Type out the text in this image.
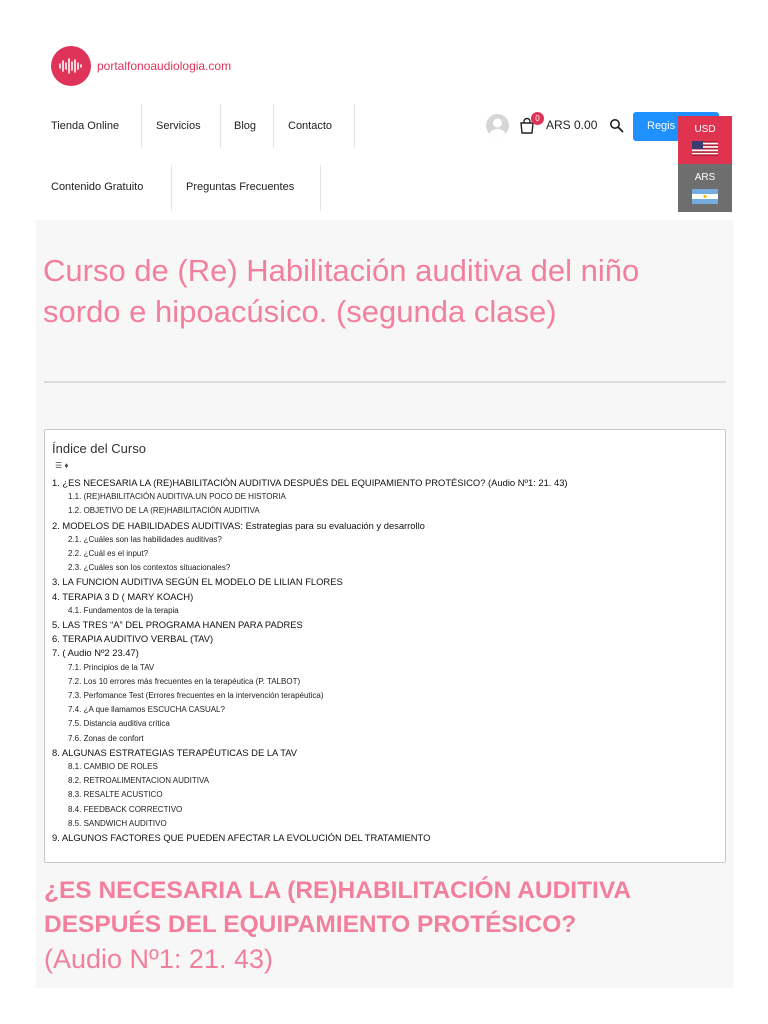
portalfonoaudiologia.com
Tienda Online	Servicios	Blog	Contacto
Contenido Gratuito	Preguntas Frecuentes
0 ARS 0.00	Regis	USD
ARS
Curso de (Re) Habilitación auditiva del niño sordo e hipoacúsico. (segunda clase)
Índice del Curso
☰ ♦
1. ¿ES NECESARIA LA (RE)HABILITACIÓN AUDITIVA DESPUÉS DEL EQUIPAMIENTO PROTÉSICO? (Audio Nº1: 21. 43)
1.1. (RE)HABILITACIÓN AUDITIVA.UN POCO DE HISTORIA
1.2. OBJETIVO DE LA (RE)HABILITACIÓN AUDITIVA
2. MODELOS DE HABILIDADES AUDITIVAS: Estrategias para su evaluación y desarrollo
2.1. ¿Cuáles son las habilidades auditivas?
2.2. ¿Cuál es el input?
2.3. ¿Cuáles son los contextos situacionales?
3. LA FUNCION AUDITIVA SEGÚN EL MODELO DE LILIAN FLORES
4. TERAPIA 3 D ( MARY KOACH)
4.1. Fundamentos de la terapia
5. LAS TRES “A” DEL PROGRAMA HANEN PARA PADRES
6. TERAPIA AUDITIVO VERBAL (TAV)
7. ( Audio Nº2 23.47)
7.1. Principios de la TAV
7.2. Los 10 errores más frecuentes en la terapéutica (P. TALBOT)
7.3. Perfomance Test (Errores frecuentes en la intervención terapéutica)
7.4. ¿A que llamamos ESCUCHA CASUAL?
7.5. Distancia auditiva crítica
7.6. Zonas de confort
8. ALGUNAS ESTRATEGIAS TERAPÉUTICAS DE LA TAV
8.1. CAMBIO DE ROLES
8.2. RETROALIMENTACION AUDITIVA
8.3. RESALTE ACUSTICO
8.4. FEEDBACK CORRECTIVO
8.5. SANDWICH AUDITIVO
9. ALGUNOS FACTORES QUE PUEDEN AFECTAR LA EVOLUCIÓN DEL TRATAMIENTO
¿ES NECESARIA LA (RE)HABILITACIÓN AUDITIVA DESPUÉS DEL EQUIPAMIENTO PROTÉSICO?
(Audio Nº1: 21. 43)
